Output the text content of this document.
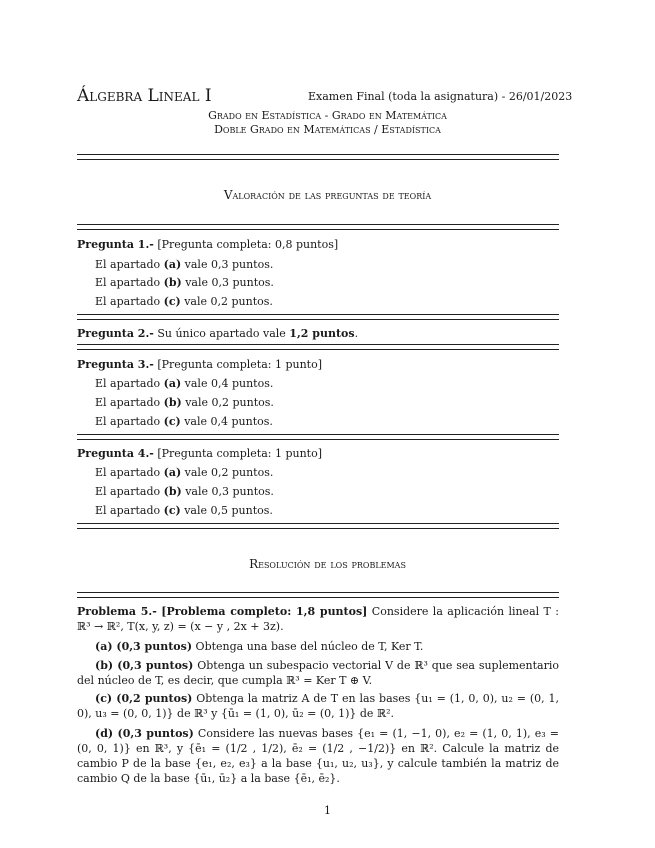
Álgebra Lineal I	Examen Final (toda la asignatura) - 26/01/2023
Grado en Estadística - Grado en Matemática
Doble Grado en Matemáticas / Estadística
Valoración de las preguntas de teoría
Pregunta 1.- [Pregunta completa: 0,8 puntos]
El apartado (a) vale 0,3 puntos.
El apartado (b) vale 0,3 puntos.
El apartado (c) vale 0,2 puntos.
Pregunta 2.- Su único apartado vale 1,2 puntos.
Pregunta 3.- [Pregunta completa: 1 punto]
El apartado (a) vale 0,4 puntos.
El apartado (b) vale 0,2 puntos.
El apartado (c) vale 0,4 puntos.
Pregunta 4.- [Pregunta completa: 1 punto]
El apartado (a) vale 0,2 puntos.
El apartado (b) vale 0,3 puntos.
El apartado (c) vale 0,5 puntos.
Resolución de los problemas
Problema 5.- [Problema completo: 1,8 puntos] Considere la aplicación lineal T : ℝ³ → ℝ², T(x, y, z) = (x − y , 2x + 3z).
(a) (0,3 puntos) Obtenga una base del núcleo de T, Ker T.
(b) (0,3 puntos) Obtenga un subespacio vectorial V de ℝ³ que sea suplementario del núcleo de T, es decir, que cumpla ℝ³ = Ker T ⊕ V.
(c) (0,2 puntos) Obtenga la matriz A de T en las bases {u₁ = (1, 0, 0), u₂ = (0, 1, 0), u₃ = (0, 0, 1)} de ℝ³ y {ū₁ = (1, 0), ū₂ = (0, 1)} de ℝ².
(d) (0,3 puntos) Considere las nuevas bases {e₁ = (1, −1, 0), e₂ = (1, 0, 1), e₃ = (0, 0, 1)} en ℝ³, y {ē₁ = (1/2 , 1/2), ē₂ = (1/2 , −1/2)} en ℝ². Calcule la matriz de cambio P de la base {e₁, e₂, e₃} a la base {u₁, u₂, u₃}, y calcule también la matriz de cambio Q de la base {ū₁, ū₂} a la base {ē₁, ē₂}.
1
